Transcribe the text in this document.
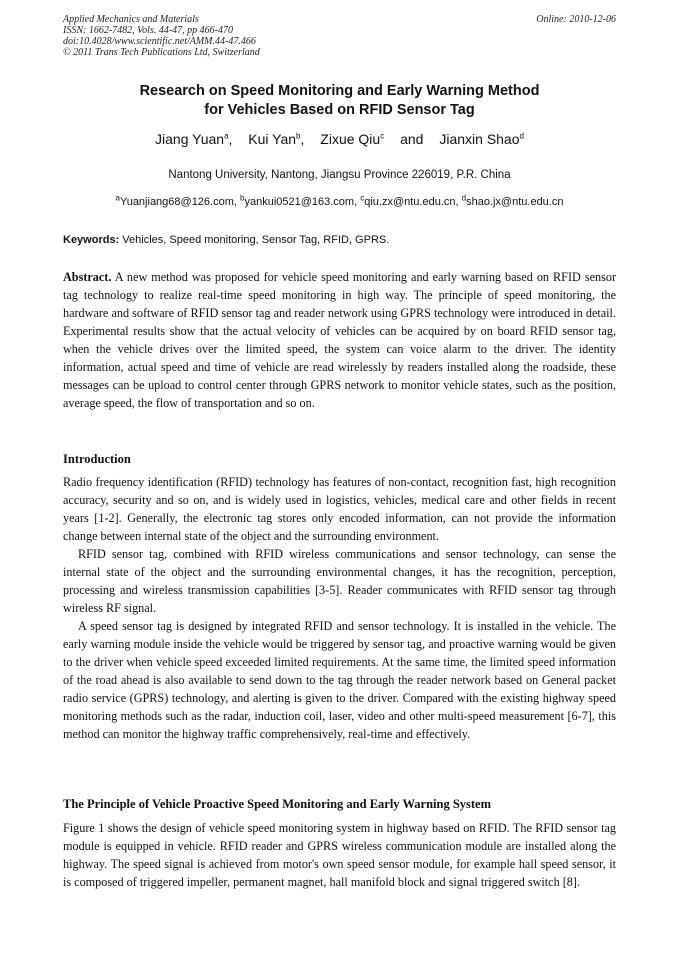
Applied Mechanics and Materials
ISSN: 1662-7482, Vols. 44-47, pp 466-470
doi:10.4028/www.scientific.net/AMM.44-47.466
© 2011 Trans Tech Publications Ltd, Switzerland
Online: 2010-12-06
Research on Speed Monitoring and Early Warning Method
for Vehicles Based on RFID Sensor Tag
Jiang Yuan$^a$, Kui Yan$^b$, Zixue Qiu$^c$ and Jianxin Shao$^d$
Nantong University, Nantong, Jiangsu Province 226019, P.R. China
$^a$Yuanjiang68@126.com, $^b$yankui0521@163.com, $^c$qiu.zx@ntu.edu.cn, $^d$shao.jx@ntu.edu.cn
Keywords: Vehicles, Speed monitoring, Sensor Tag, RFID, GPRS.
Abstract. A new method was proposed for vehicle speed monitoring and early warning based on RFID sensor tag technology to realize real-time speed monitoring in high way. The principle of speed monitoring, the hardware and software of RFID sensor tag and reader network using GPRS technology were introduced in detail. Experimental results show that the actual velocity of vehicles can be acquired by on board RFID sensor tag, when the vehicle drives over the limited speed, the system can voice alarm to the driver. The identity information, actual speed and time of vehicle are read wirelessly by readers installed along the roadside, these messages can be upload to control center through GPRS network to monitor vehicle states, such as the position, average speed, the flow of transportation and so on.
Introduction

Radio frequency identification (RFID) technology has features of non-contact, recognition fast, high recognition accuracy, security and so on, and is widely used in logistics, vehicles, medical care and other fields in recent years [1-2]. Generally, the electronic tag stores only encoded information, can not provide the information change between internal state of the object and the surrounding environment.

RFID sensor tag, combined with RFID wireless communications and sensor technology, can sense the internal state of the object and the surrounding environmental changes, it has the recognition, perception, processing and wireless transmission capabilities [3-5]. Reader communicates with RFID sensor tag through wireless RF signal.

A speed sensor tag is designed by integrated RFID and sensor technology. It is installed in the vehicle. The early warning module inside the vehicle would be triggered by sensor tag, and proactive warning would be given to the driver when vehicle speed exceeded limited requirements. At the same time, the limited speed information of the road ahead is also available to send down to the tag through the reader network based on General packet radio service (GPRS) technology, and alerting is given to the driver. Compared with the existing highway speed monitoring methods such as the radar, induction coil, laser, video and other multi-speed measurement [6-7], this method can monitor the highway traffic comprehensively, real-time and effectively.

The Principle of Vehicle Proactive Speed Monitoring and Early Warning System

Figure 1 shows the design of vehicle speed monitoring system in highway based on RFID. The RFID sensor tag module is equipped in vehicle. RFID reader and GPRS wireless communication module are installed along the highway. The speed signal is achieved from motor's own speed sensor module, for example hall speed sensor, it is composed of triggered impeller, permanent magnet, hall manifold block and signal triggered switch [8].
